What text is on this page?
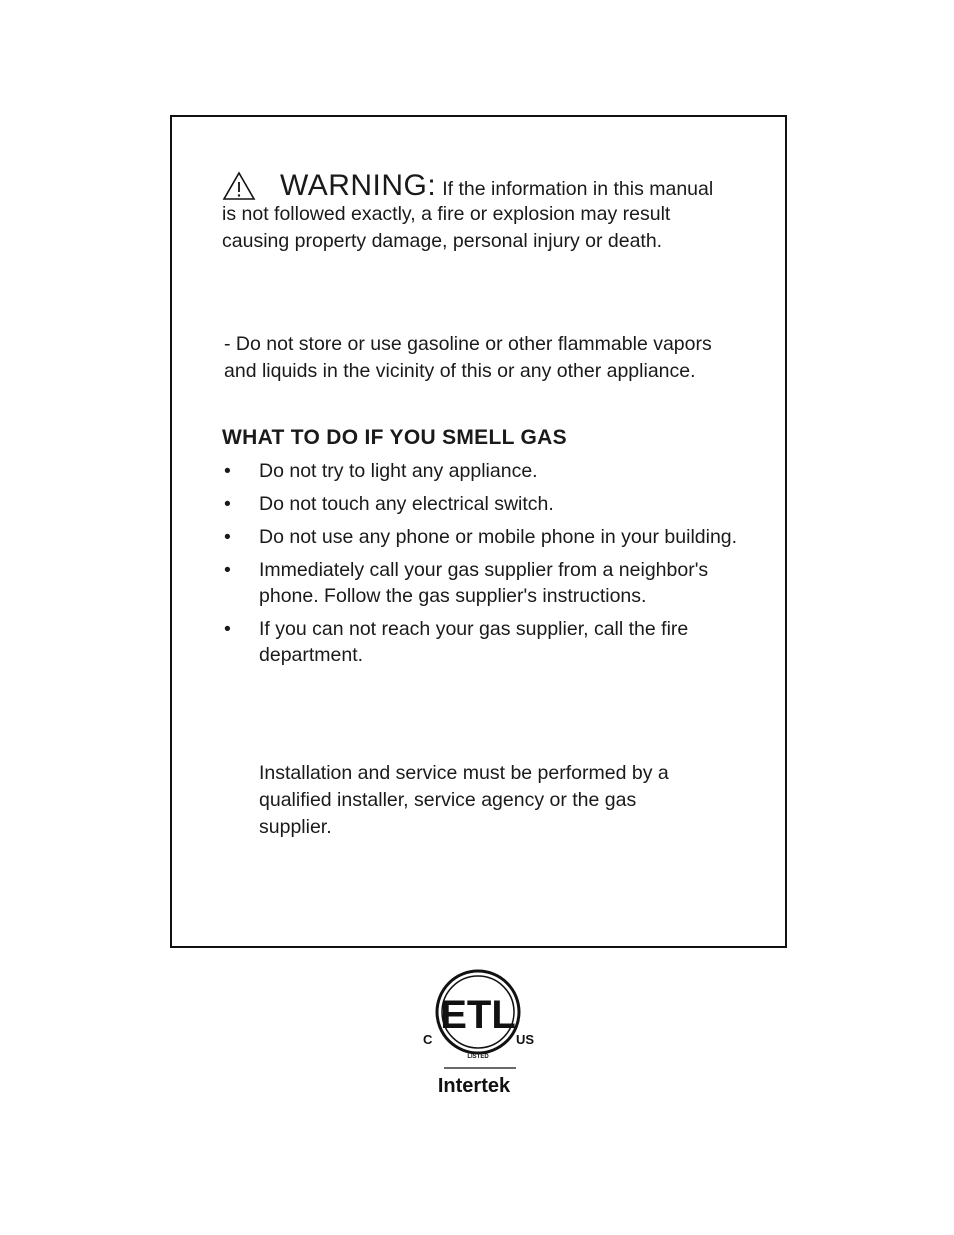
WARNING: If the information in this manual
is not followed exactly, a fire or explosion may result causing property damage, personal injury or death.
- Do not store or use gasoline or other flammable vapors and liquids in the vicinity of this or any other appliance.
WHAT TO DO IF YOU SMELL GAS
• Do not try to light any appliance.
• Do not touch any electrical switch.
• Do not use any phone or mobile phone in your building.
• Immediately call your gas supplier from a neighbor's phone. Follow the gas supplier's instructions.
• If you can not reach your gas supplier, call the fire department.
Installation and service must be performed by a qualified installer, service agency or the gas supplier.
ETL
C	US
LISTED
Intertek
